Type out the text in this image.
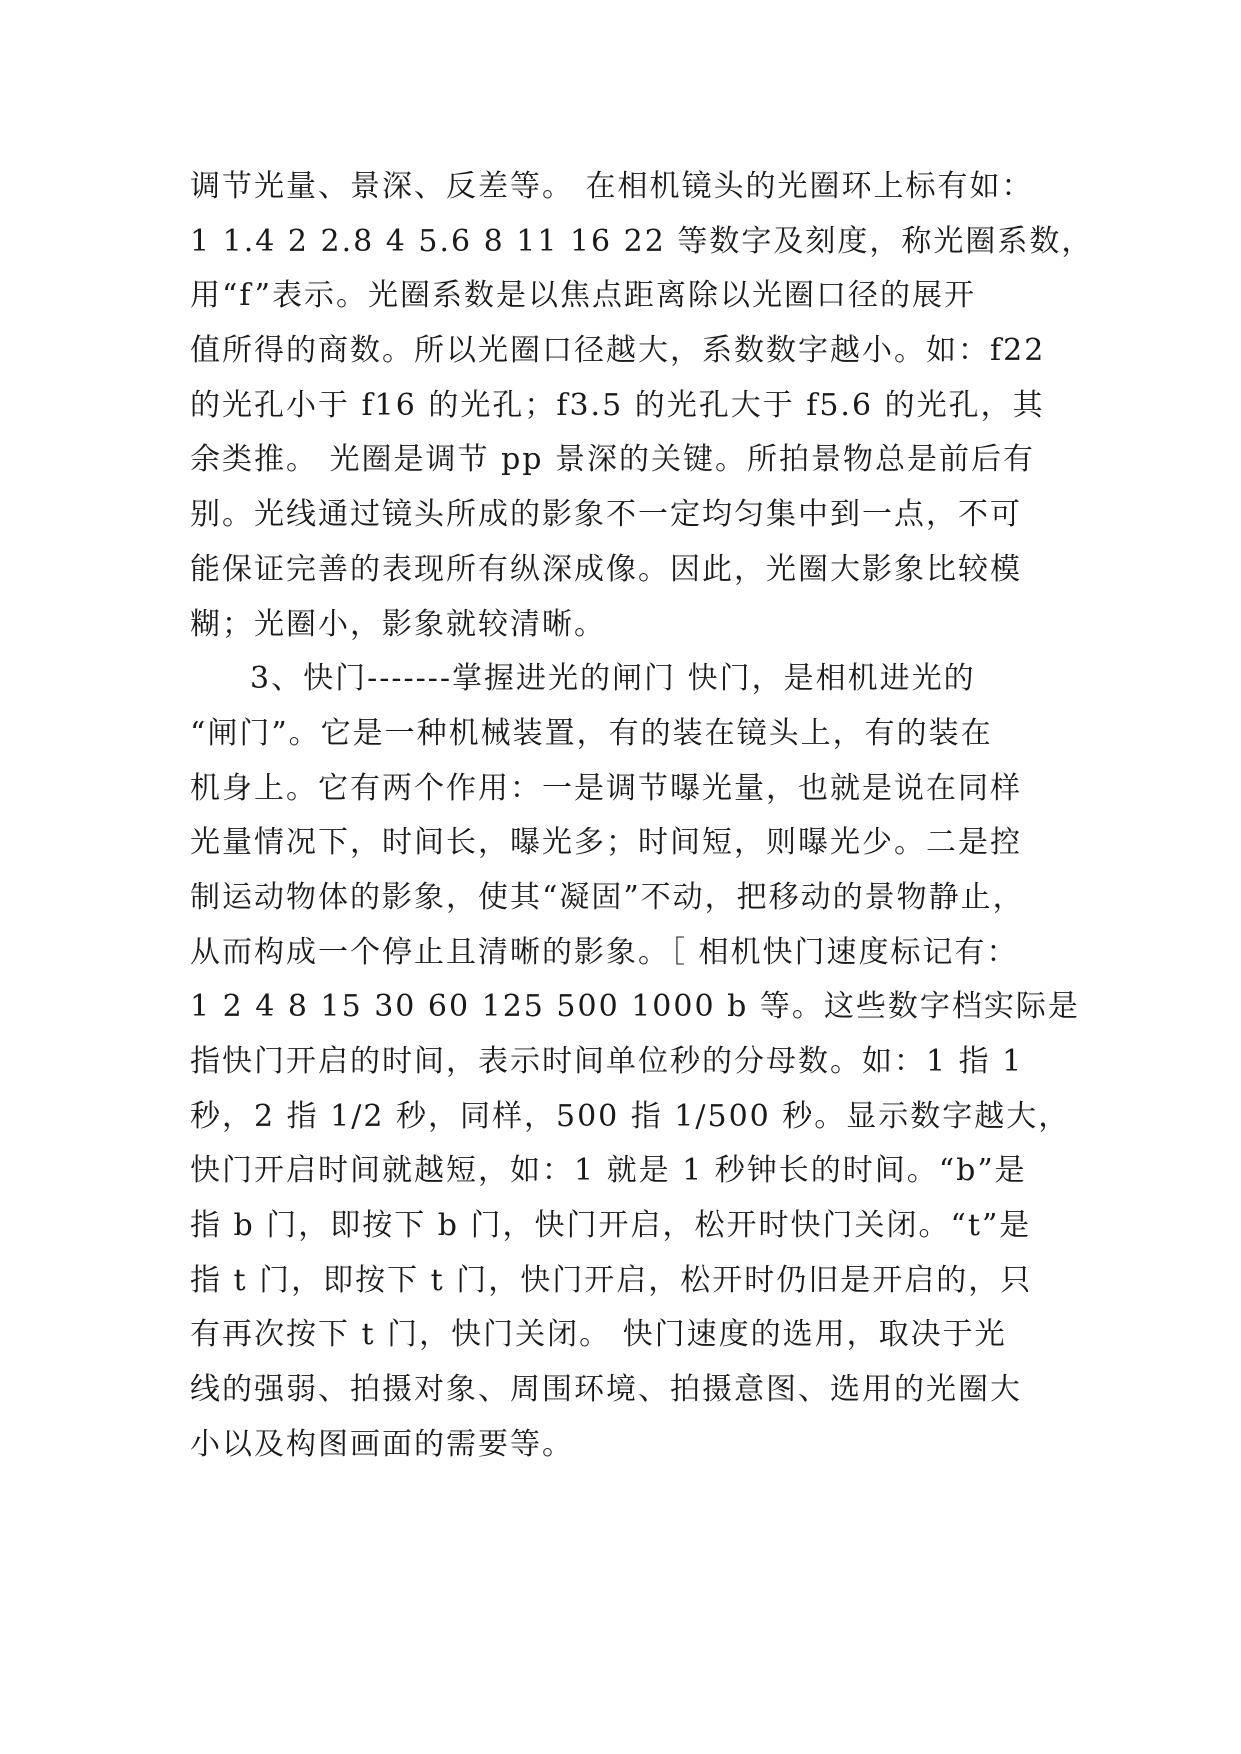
调节光量、景深、反差等。 在相机镜头的光圈环上标有如：
1 1.4 2 2.8 4 5.6 8 11 16 22 等数字及刻度，称光圈系数，
用“f”表示。光圈系数是以焦点距离除以光圈口径的展开
值所得的商数。所以光圈口径越大，系数数字越小。如：f22
的光孔小于 f16 的光孔；f3.5 的光孔大于 f5.6 的光孔，其
余类推。 光圈是调节 pp 景深的关键。所拍景物总是前后有
别。光线通过镜头所成的影象不一定均匀集中到一点，不可
能保证完善的表现所有纵深成像。因此，光圈大影象比较模
糊；光圈小，影象就较清晰。
3、快门-------掌握进光的闸门 快门，是相机进光的
“闸门”。它是一种机械装置，有的装在镜头上，有的装在
机身上。它有两个作用：一是调节曝光量，也就是说在同样
光量情况下，时间长，曝光多；时间短，则曝光少。二是控
制运动物体的影象，使其“凝固”不动，把移动的景物静止，
从而构成一个停止且清晰的影象。［ 相机快门速度标记有：
1 2 4 8 15 30 60 125 500 1000 b 等。这些数字档实际是
指快门开启的时间，表示时间单位秒的分母数。如：1 指 1
秒，2 指 1/2 秒，同样，500 指 1/500 秒。显示数字越大，
快门开启时间就越短，如：1 就是 1 秒钟长的时间。“b”是
指 b 门，即按下 b 门，快门开启，松开时快门关闭。“t”是
指 t 门，即按下 t 门，快门开启，松开时仍旧是开启的，只
有再次按下 t 门，快门关闭。 快门速度的选用，取决于光
线的强弱、拍摄对象、周围环境、拍摄意图、选用的光圈大
小以及构图画面的需要等。
